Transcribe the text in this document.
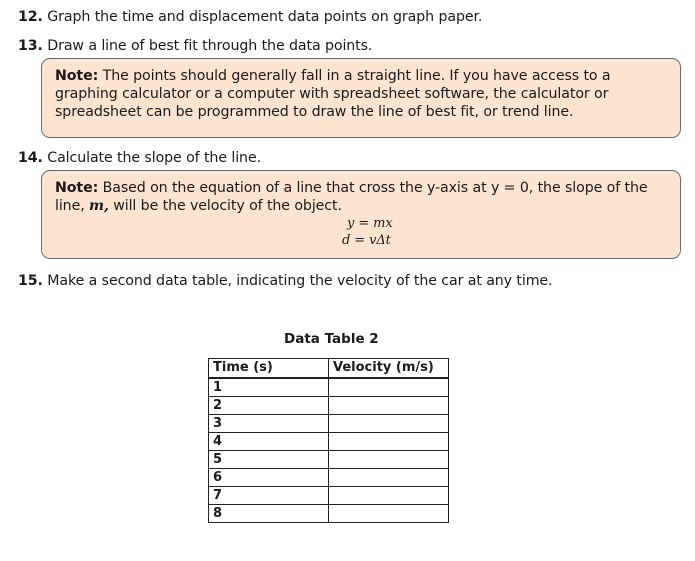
12. Graph the time and displacement data points on graph paper.
13. Draw a line of best fit through the data points.
Note: The points should generally fall in a straight line. If you have access to a
graphing calculator or a computer with spreadsheet software, the calculator or
spreadsheet can be programmed to draw the line of best fit, or trend line.
14. Calculate the slope of the line.
Note: Based on the equation of a line that cross the y-axis at y = 0, the slope of the
line, m, will be the velocity of the object.
y = mx
d = vΔt
15. Make a second data table, indicating the velocity of the car at any time.
Data Table 2
Time (s)	Velocity (m/s)
1	
2	
3	
4	
5	
6	
7	
8	
